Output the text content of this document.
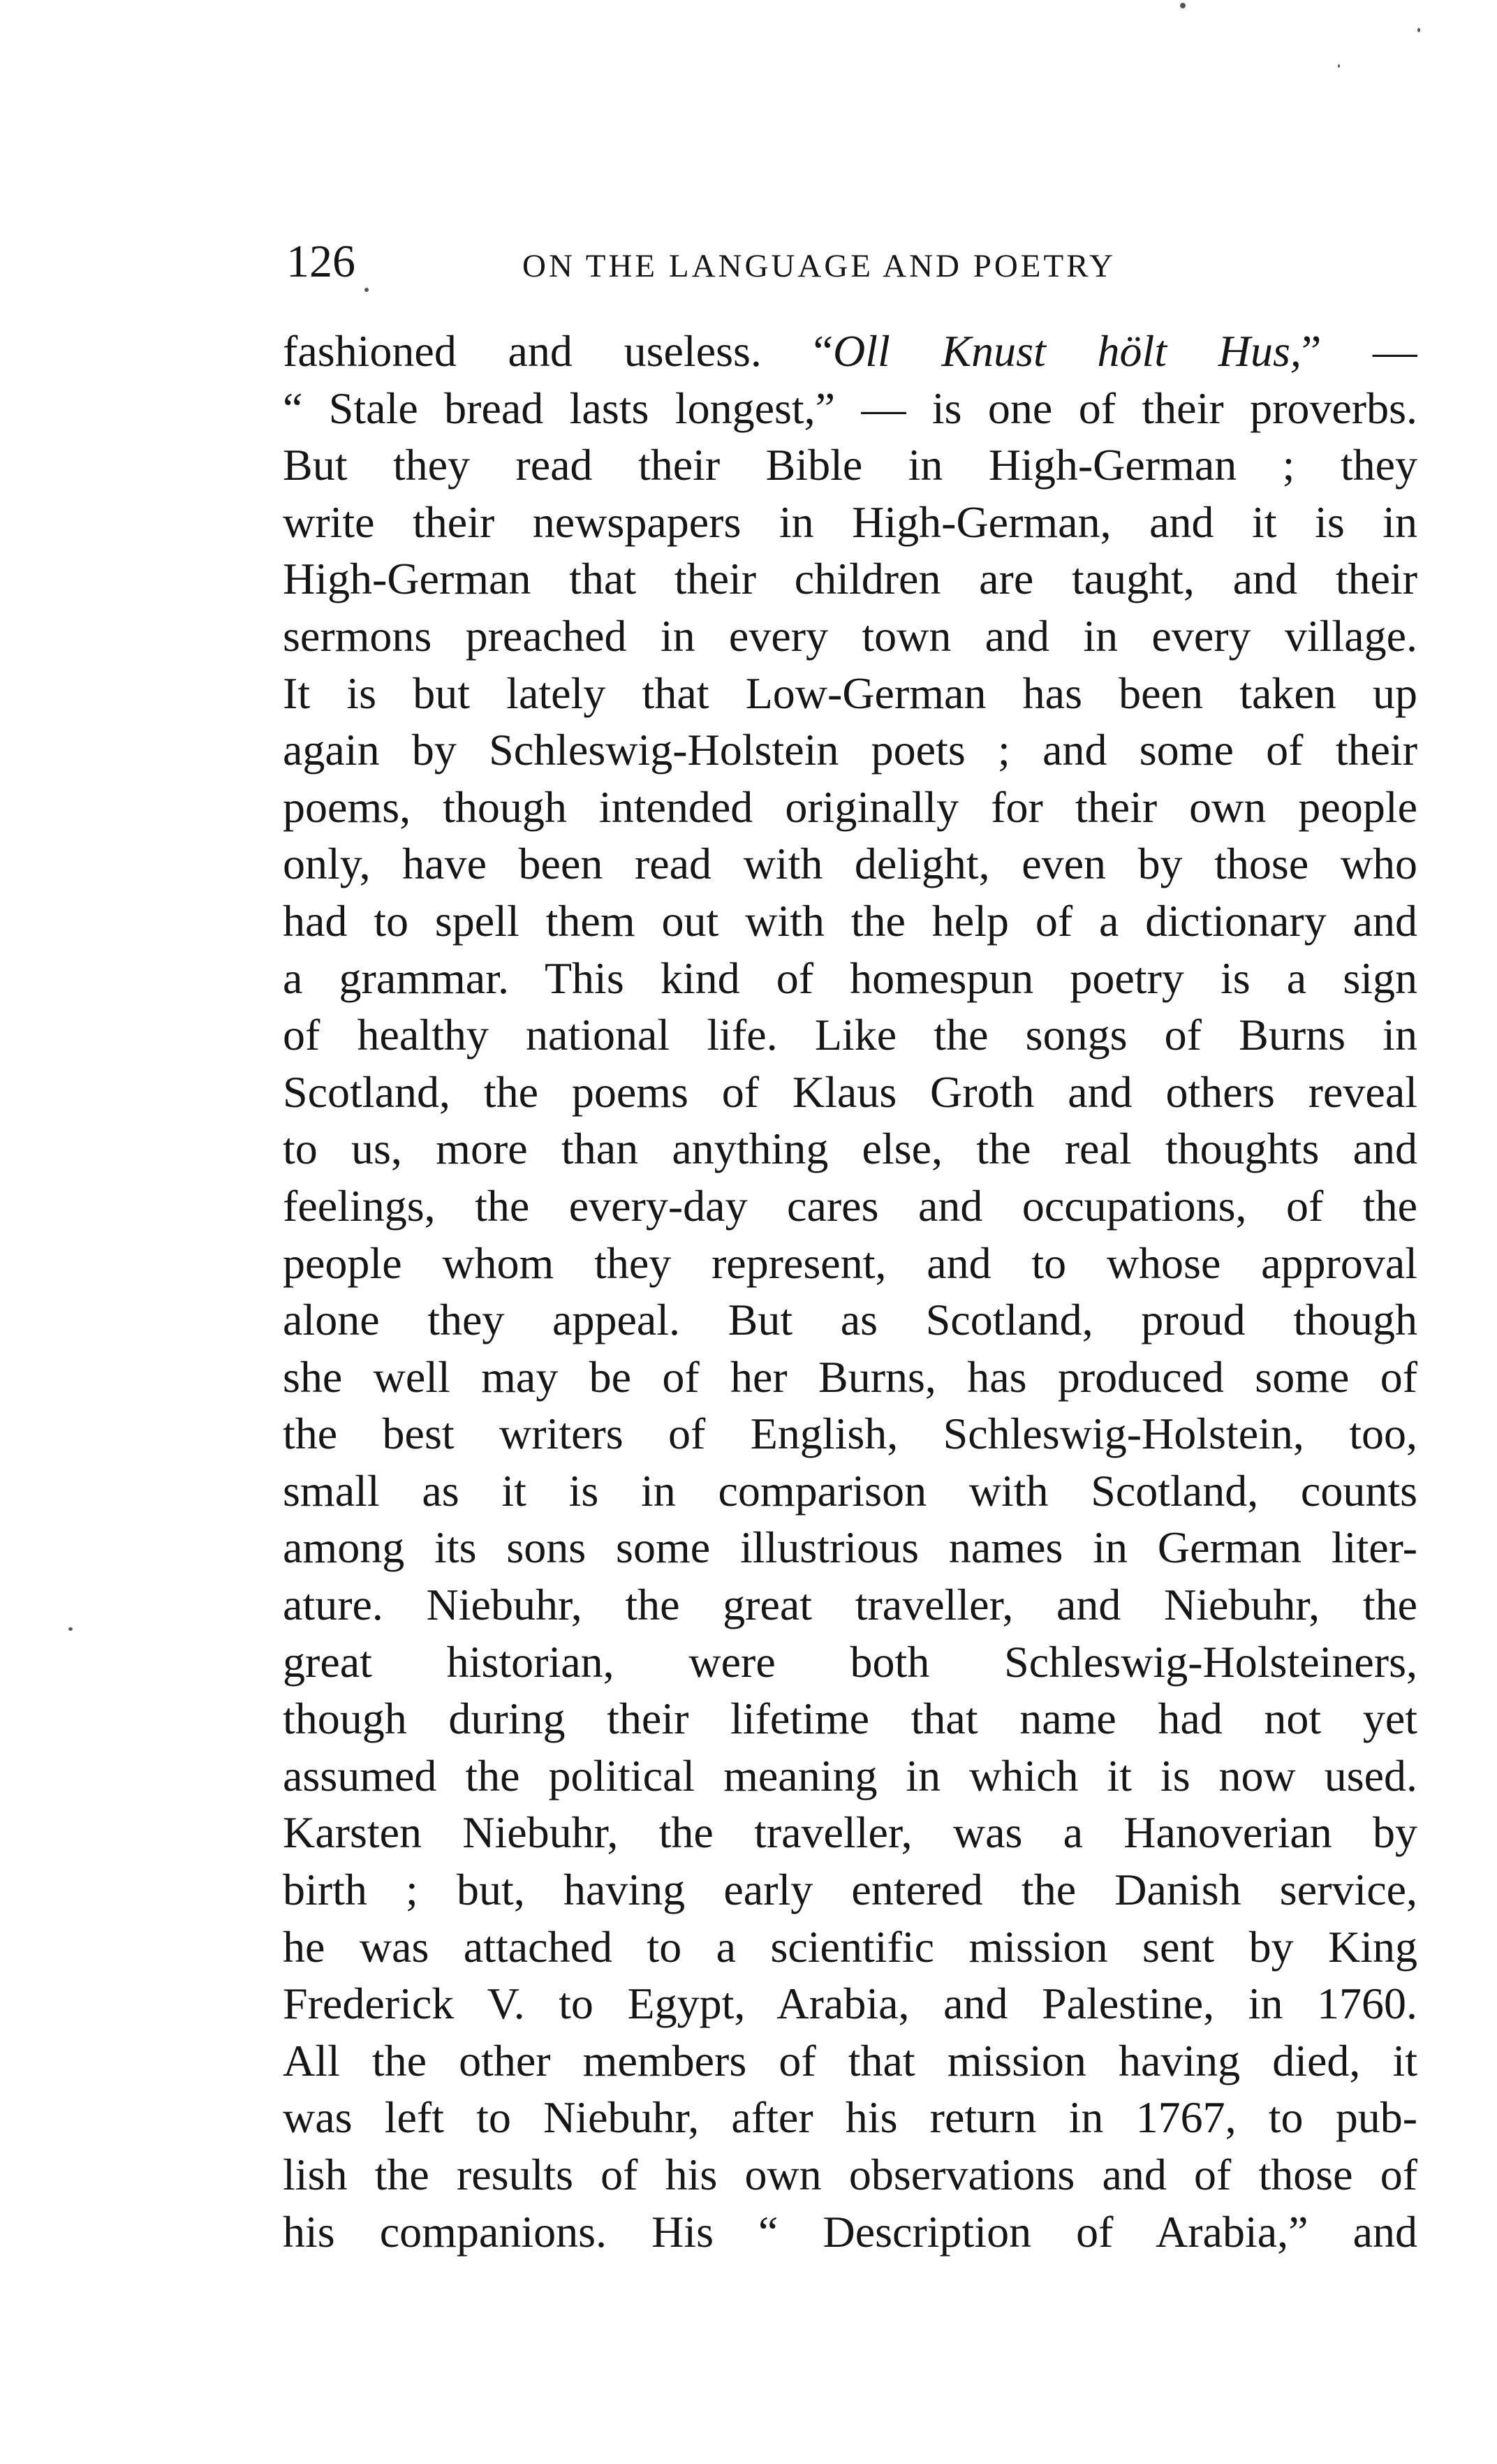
126	ON THE LANGUAGE AND POETRY
fashioned and useless. “Oll Knust hölt Hus,” —
“ Stale bread lasts longest,” — is one of their proverbs.
But they read their Bible in High-German ; they
write their newspapers in High-German, and it is in
High-German that their children are taught, and their
sermons preached in every town and in every village.
It is but lately that Low-German has been taken up
again by Schleswig-Holstein poets ; and some of their
poems, though intended originally for their own people
only, have been read with delight, even by those who
had to spell them out with the help of a dictionary and
a grammar. This kind of homespun poetry is a sign
of healthy national life. Like the songs of Burns in
Scotland, the poems of Klaus Groth and others reveal
to us, more than anything else, the real thoughts and
feelings, the every-day cares and occupations, of the
people whom they represent, and to whose approval
alone they appeal. But as Scotland, proud though
she well may be of her Burns, has produced some of
the best writers of English, Schleswig-Holstein, too,
small as it is in comparison with Scotland, counts
among its sons some illustrious names in German liter-
ature. Niebuhr, the great traveller, and Niebuhr, the
great historian, were both Schleswig-Holsteiners,
though during their lifetime that name had not yet
assumed the political meaning in which it is now used.
Karsten Niebuhr, the traveller, was a Hanoverian by
birth ; but, having early entered the Danish service,
he was attached to a scientific mission sent by King
Frederick V. to Egypt, Arabia, and Palestine, in 1760.
All the other members of that mission having died, it
was left to Niebuhr, after his return in 1767, to pub-
lish the results of his own observations and of those of
his companions. His “ Description of Arabia,” and
